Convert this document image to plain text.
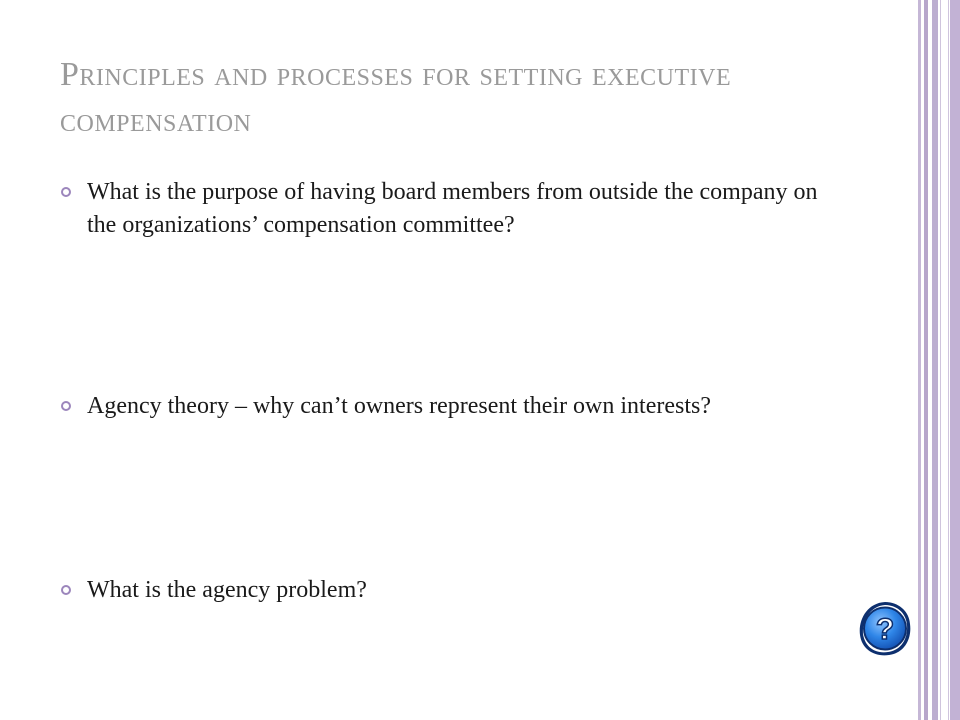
Principles and processes for setting executive compensation
What is the purpose of having board members from outside the company on the organizations’ compensation committee?
Agency theory – why can’t owners represent their own interests?
What is the agency problem?
?
